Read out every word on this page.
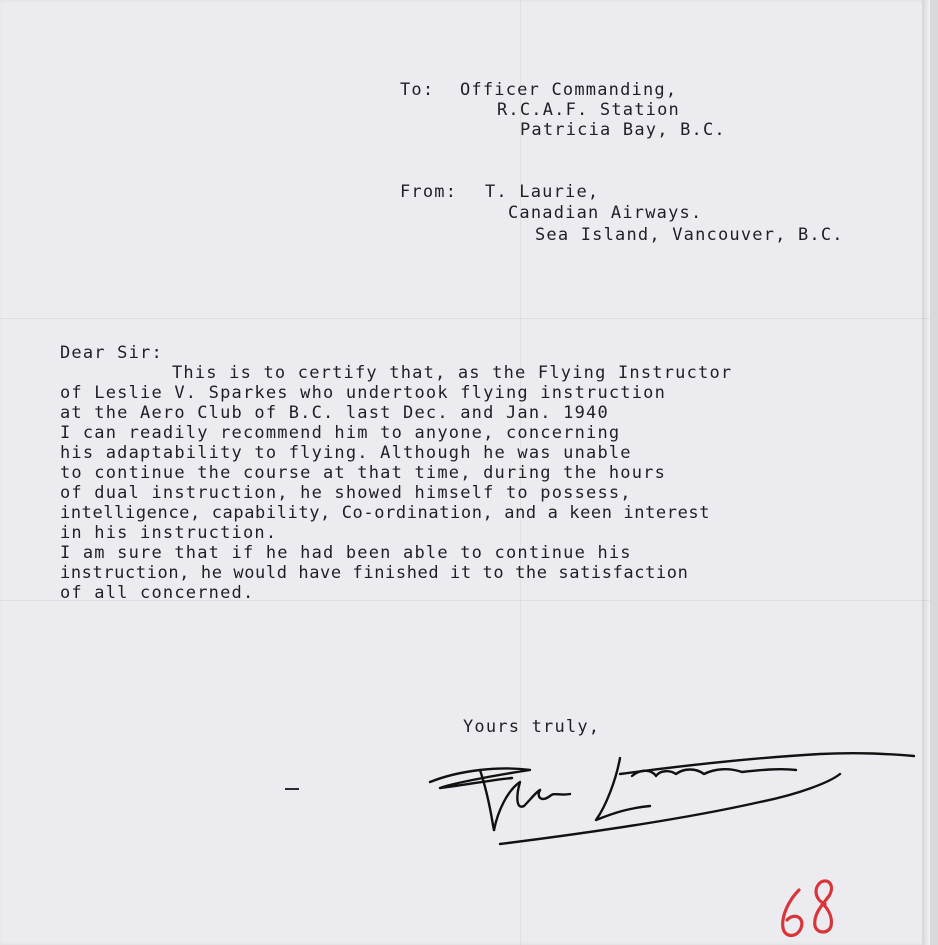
To: Officer Commanding,
R.C.A.F. Station
Patricia Bay, B.C.
From: T. Laurie,
Canadian Airways.
Sea Island, Vancouver, B.C.
Dear Sir:
This is to certify that, as the Flying Instructor
of Leslie V. Sparkes who undertook flying instruction
at the Aero Club of B.C. last Dec. and Jan. 1940
I can readily recommend him to anyone, concerning
his adaptability to flying. Although he was unable
to continue the course at that time, during the hours
of dual instruction, he showed himself to possess,
intelligence, capability, Co-ordination, and a keen interest
in his instruction.
I am sure that if he had been able to continue his
instruction, he would have finished it to the satisfaction
of all concerned.
Yours truly,
